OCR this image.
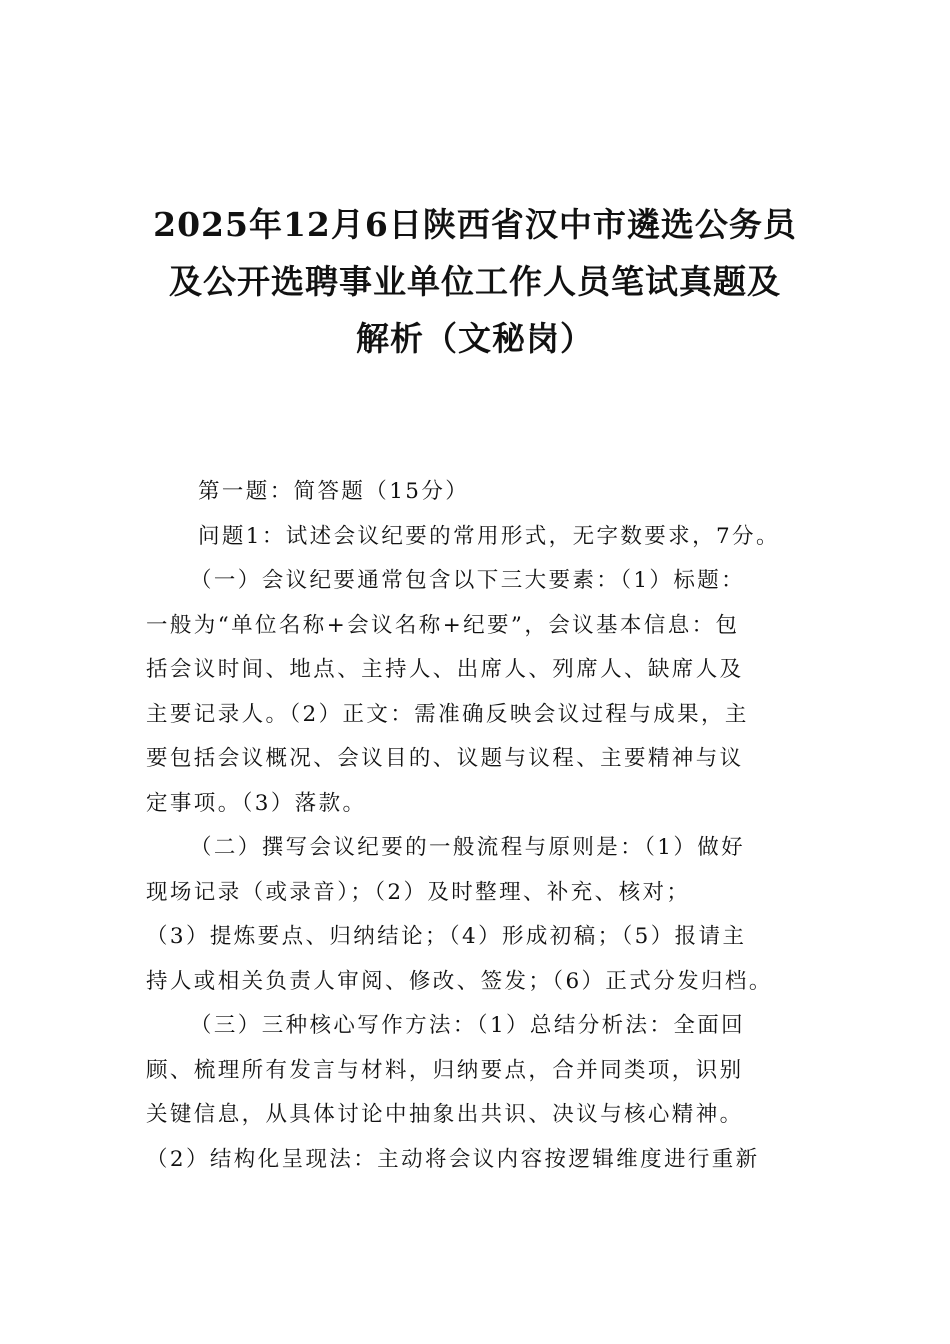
2025年12月6日陕西省汉中市遴选公务员
及公开选聘事业单位工作人员笔试真题及
解析（文秘岗）
第一题：简答题（15分）
问题1：试述会议纪要的常用形式，无字数要求，7分。
（一）会议纪要通常包含以下三大要素：（1）标题：
一般为“单位名称+会议名称+纪要”，会议基本信息：包
括会议时间、地点、主持人、出席人、列席人、缺席人及
主要记录人。（2）正文：需准确反映会议过程与成果，主
要包括会议概况、会议目的、议题与议程、主要精神与议
定事项。（3）落款。
（二）撰写会议纪要的一般流程与原则是：（1）做好
现场记录（或录音）；（2）及时整理、补充、核对；
（3）提炼要点、归纳结论；（4）形成初稿；（5）报请主
持人或相关负责人审阅、修改、签发；（6）正式分发归档。
（三）三种核心写作方法：（1）总结分析法：全面回
顾、梳理所有发言与材料，归纳要点，合并同类项，识别
关键信息，从具体讨论中抽象出共识、决议与核心精神。
（2）结构化呈现法：主动将会议内容按逻辑维度进行重新
